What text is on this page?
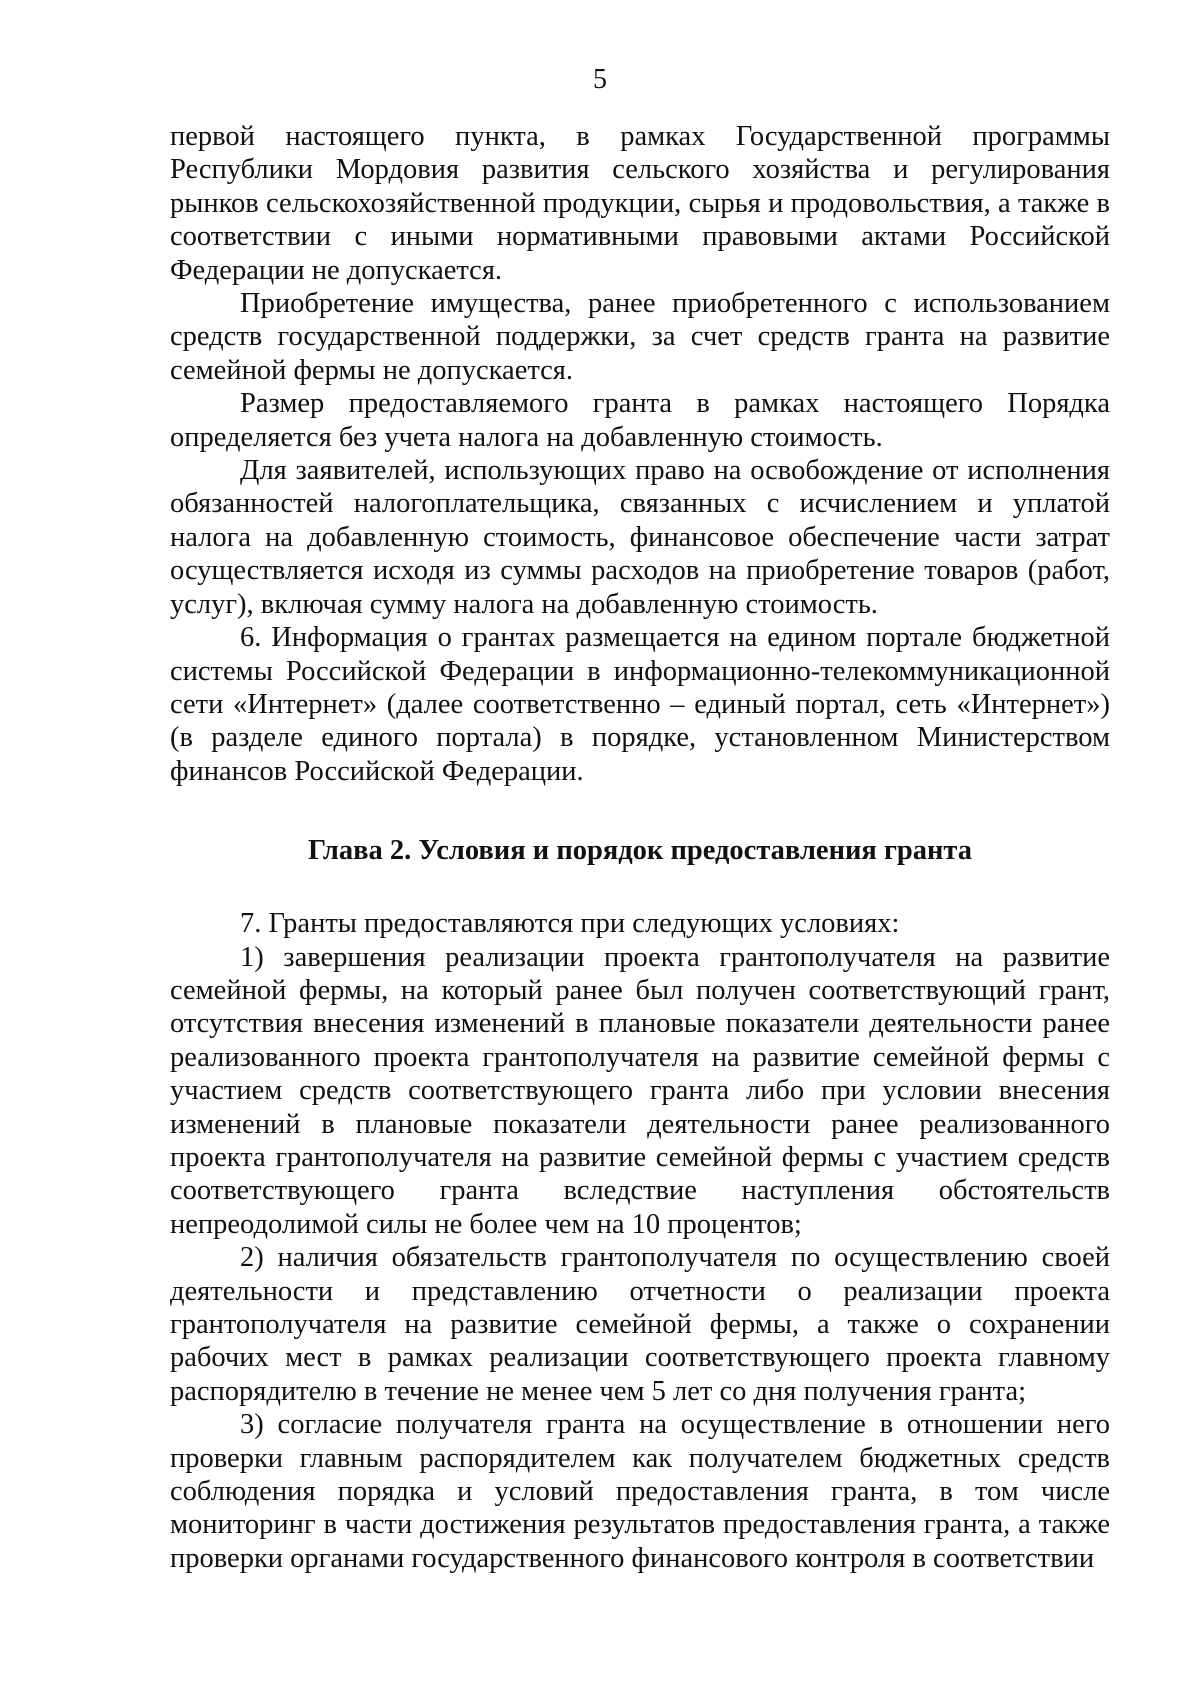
5

первой настоящего пункта, в рамках Государственной программы Республики Мордовия развития сельского хозяйства и регулирования рынков сельскохозяйственной продукции, сырья и продовольствия, а также в соответствии с иными нормативными правовыми актами Российской Федерации не допускается.

Приобретение имущества, ранее приобретенного с использованием средств государственной поддержки, за счет средств гранта на развитие семейной фермы не допускается.

Размер предоставляемого гранта в рамках настоящего Порядка определяется без учета налога на добавленную стоимость.

Для заявителей, использующих право на освобождение от исполнения обязанностей налогоплательщика, связанных с исчислением и уплатой налога на добавленную стоимость, финансовое обеспечение части затрат осуществляется исходя из суммы расходов на приобретение товаров (работ, услуг), включая сумму налога на добавленную стоимость.

6. Информация о грантах размещается на едином портале бюджетной системы Российской Федерации в информационно-телекоммуникационной сети «Интернет» (далее соответственно – единый портал, сеть «Интернет») (в разделе единого портала) в порядке, установленном Министерством финансов Российской Федерации.

Глава 2. Условия и порядок предоставления гранта

7. Гранты предоставляются при следующих условиях:

1) завершения реализации проекта грантополучателя на развитие семейной фермы, на который ранее был получен соответствующий грант, отсутствия внесения изменений в плановые показатели деятельности ранее реализованного проекта грантополучателя на развитие семейной фермы с участием средств соответствующего гранта либо при условии внесения изменений в плановые показатели деятельности ранее реализованного проекта грантополучателя на развитие семейной фермы с участием средств соответствующего гранта вследствие наступления обстоятельств непреодолимой силы не более чем на 10 процентов;

2) наличия обязательств грантополучателя по осуществлению своей деятельности и представлению отчетности о реализации проекта грантополучателя на развитие семейной фермы, а также о сохранении рабочих мест в рамках реализации соответствующего проекта главному распорядителю в течение не менее чем 5 лет со дня получения гранта;

3) согласие получателя гранта на осуществление в отношении него проверки главным распорядителем как получателем бюджетных средств соблюдения порядка и условий предоставления гранта, в том числе мониторинг в части достижения результатов предоставления гранта, а также проверки органами государственного финансового контроля в соответствии
